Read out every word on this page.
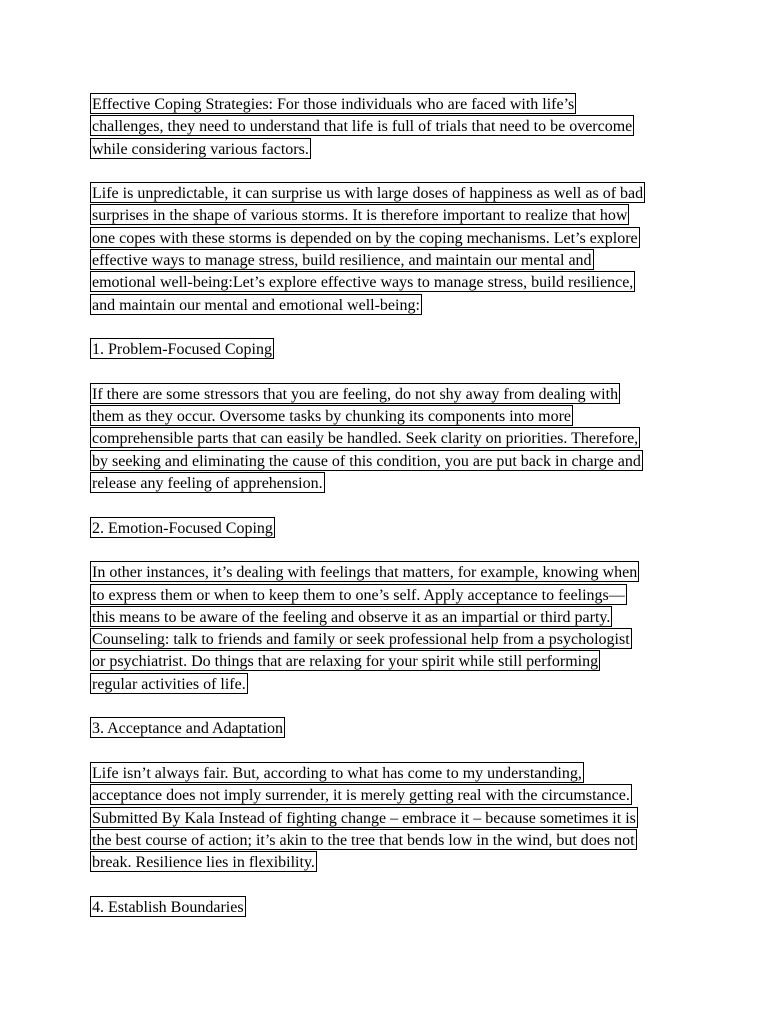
Effective Coping Strategies: For those individuals who are faced with life’s
challenges, they need to understand that life is full of trials that need to be overcome
while considering various factors.
Life is unpredictable, it can surprise us with large doses of happiness as well as of bad
surprises in the shape of various storms. It is therefore important to realize that how
one copes with these storms is depended on by the coping mechanisms. Let’s explore
effective ways to manage stress, build resilience, and maintain our mental and
emotional well-being:Let’s explore effective ways to manage stress, build resilience,
and maintain our mental and emotional well-being:
1. Problem-Focused Coping
If there are some stressors that you are feeling, do not shy away from dealing with
them as they occur. Oversome tasks by chunking its components into more
comprehensible parts that can easily be handled. Seek clarity on priorities. Therefore,
by seeking and eliminating the cause of this condition, you are put back in charge and
release any feeling of apprehension.
2. Emotion-Focused Coping
In other instances, it’s dealing with feelings that matters, for example, knowing when
to express them or when to keep them to one’s self. Apply acceptance to feelings—
this means to be aware of the feeling and observe it as an impartial or third party.
Counseling: talk to friends and family or seek professional help from a psychologist
or psychiatrist. Do things that are relaxing for your spirit while still performing
regular activities of life.
3. Acceptance and Adaptation
Life isn’t always fair. But, according to what has come to my understanding,
acceptance does not imply surrender, it is merely getting real with the circumstance.
Submitted By Kala Instead of fighting change – embrace it – because sometimes it is
the best course of action; it’s akin to the tree that bends low in the wind, but does not
break. Resilience lies in flexibility.
4. Establish Boundaries
